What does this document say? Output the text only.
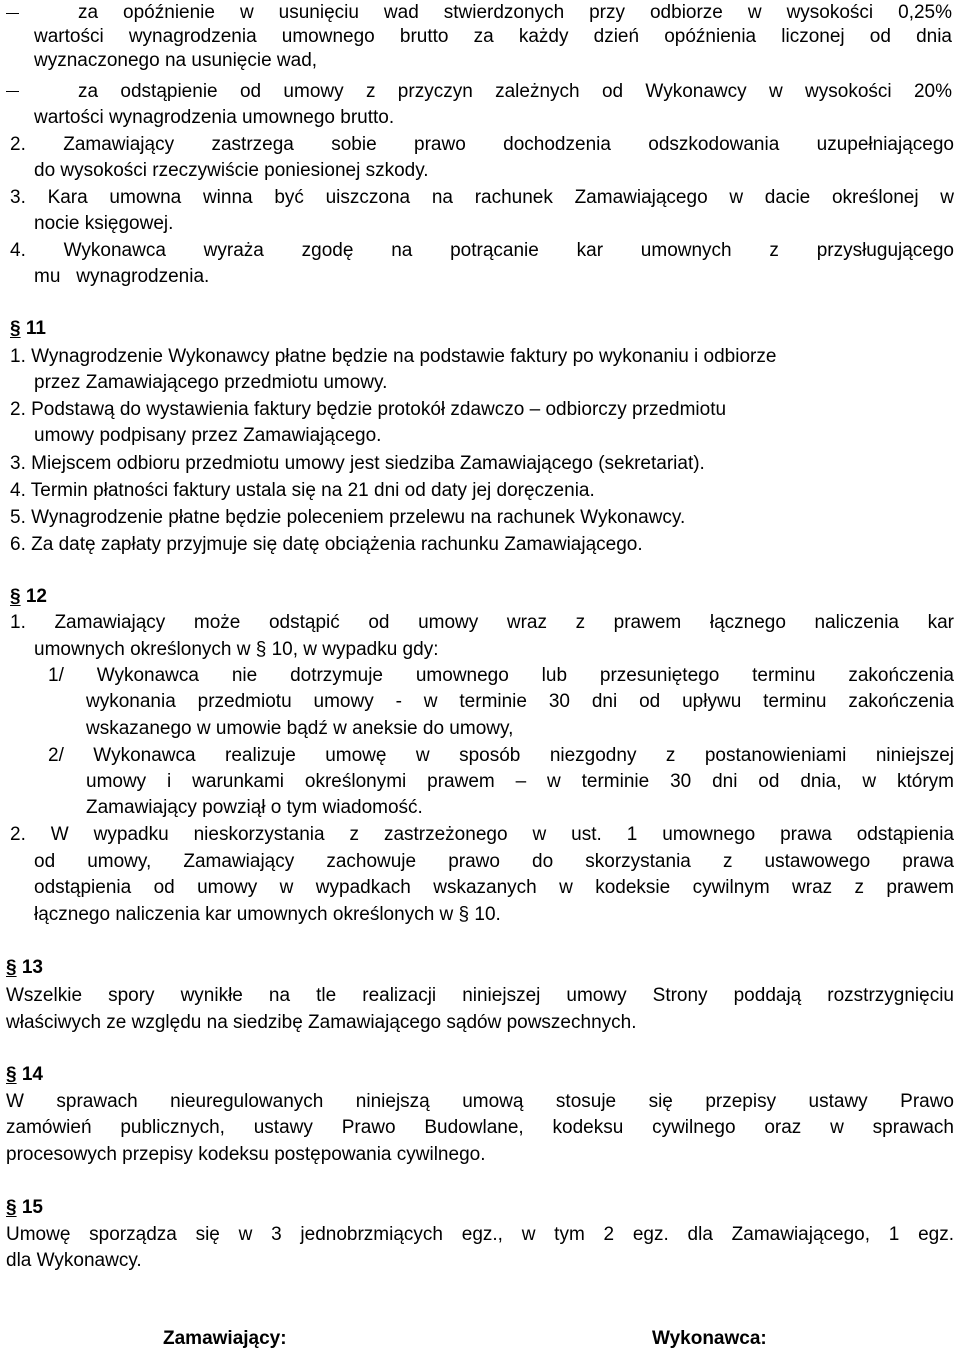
za opóźnienie w usunięciu wad stwierdzonych przy odbiorze w wysokości 0,25%
wartości wynagrodzenia umownego brutto za każdy dzień opóźnienia liczonej od dnia
wyznaczonego na usunięcie wad,
za odstąpienie od umowy z przyczyn zależnych od Wykonawcy w wysokości 20%
wartości wynagrodzenia umownego brutto.
2. Zamawiający zastrzega sobie prawo dochodzenia odszkodowania uzupełniającego
do wysokości rzeczywiście poniesionej szkody.
3. Kara umowna winna być uiszczona na rachunek Zamawiającego w dacie określonej w
nocie księgowej.
4. Wykonawca wyraża zgodę na potrącanie kar umownych z przysługującego
mu   wynagrodzenia.
§ 11
1. Wynagrodzenie Wykonawcy płatne będzie na podstawie faktury po wykonaniu i odbiorze
przez Zamawiającego przedmiotu umowy.
2. Podstawą do wystawienia faktury będzie protokół zdawczo – odbiorczy przedmiotu
umowy podpisany przez Zamawiającego.
3. Miejscem odbioru przedmiotu umowy jest siedziba Zamawiającego (sekretariat).
4. Termin płatności faktury ustala się na 21 dni od daty jej doręczenia.
5. Wynagrodzenie płatne będzie poleceniem przelewu na rachunek Wykonawcy.
6. Za datę zapłaty przyjmuje się datę obciążenia rachunku Zamawiającego.
§ 12
1. Zamawiający może odstąpić od umowy wraz z prawem łącznego naliczenia kar
umownych określonych w § 10, w wypadku gdy:
1/ Wykonawca nie dotrzymuje umownego lub przesuniętego terminu zakończenia
wykonania przedmiotu umowy - w terminie 30 dni od upływu terminu zakończenia
wskazanego w umowie bądź w aneksie do umowy,
2/ Wykonawca realizuje umowę w sposób niezgodny z postanowieniami niniejszej
umowy i warunkami określonymi prawem – w terminie 30 dni od dnia, w którym
Zamawiający powziął o tym wiadomość.
2. W wypadku nieskorzystania z zastrzeżonego w ust. 1 umownego prawa odstąpienia
od umowy, Zamawiający zachowuje prawo do skorzystania z ustawowego prawa
odstąpienia od umowy w wypadkach wskazanych w kodeksie cywilnym wraz z prawem
łącznego naliczenia kar umownych określonych w § 10.
§ 13
Wszelkie spory wynikłe na tle realizacji niniejszej umowy Strony poddają rozstrzygnięciu
właściwych ze względu na siedzibę Zamawiającego sądów powszechnych.
§ 14
W sprawach nieuregulowanych niniejszą umową stosuje się przepisy ustawy Prawo
zamówień publicznych, ustawy Prawo Budowlane, kodeksu cywilnego oraz w sprawach
procesowych przepisy kodeksu postępowania cywilnego.
§ 15
Umowę sporządza się w 3 jednobrzmiących egz., w tym 2 egz. dla Zamawiającego, 1 egz.
dla Wykonawcy.
Zamawiający:	Wykonawca:
